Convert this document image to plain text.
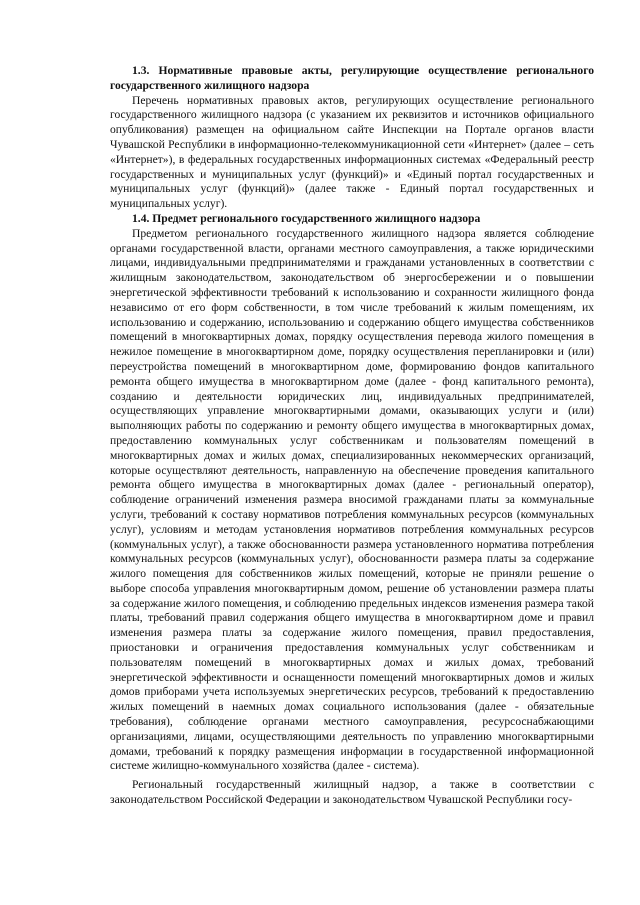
1.3. Нормативные правовые акты, регулирующие осуществление регионального государственного жилищного надзора

Перечень нормативных правовых актов, регулирующих осуществление регионального государственного жилищного надзора (с указанием их реквизитов и источников официального опубликования) размещен на официальном сайте Инспекции на Портале органов власти Чувашской Республики в информационно-телекоммуникационной сети «Интернет» (далее – сеть «Интернет»), в федеральных государственных информационных системах «Федеральный реестр государственных и муниципальных услуг (функций)» и «Единый портал государственных и муниципальных услуг (функций)» (далее также - Единый портал государственных и муниципальных услуг).

1.4. Предмет регионального государственного жилищного надзора

Предметом регионального государственного жилищного надзора является соблюдение органами государственной власти, органами местного самоуправления, а также юридическими лицами, индивидуальными предпринимателями и гражданами установленных в соответствии с жилищным законодательством, законодательством об энергосбережении и о повышении энергетической эффективности требований к использованию и сохранности жилищного фонда независимо от его форм собственности, в том числе требований к жилым помещениям, их использованию и содержанию, использованию и содержанию общего имущества собственников помещений в многоквартирных домах, порядку осуществления перевода жилого помещения в нежилое помещение в многоквартирном доме, порядку осуществления перепланировки и (или) переустройства помещений в многоквартирном доме, формированию фондов капитального ремонта общего имущества в многоквартирном доме (далее - фонд капитального ремонта), созданию и деятельности юридических лиц, индивидуальных предпринимателей, осуществляющих управление многоквартирными домами, оказывающих услуги и (или) выполняющих работы по содержанию и ремонту общего имущества в многоквартирных домах, предоставлению коммунальных услуг собственникам и пользователям помещений в многоквартирных домах и жилых домах, специализированных некоммерческих организаций, которые осуществляют деятельность, направленную на обеспечение проведения капитального ремонта общего имущества в многоквартирных домах (далее - региональный оператор), соблюдение ограничений изменения размера вносимой гражданами платы за коммунальные услуги, требований к составу нормативов потребления коммунальных ресурсов (коммунальных услуг), условиям и методам установления нормативов потребления коммунальных ресурсов (коммунальных услуг), а также обоснованности размера установленного норматива потребления коммунальных ресурсов (коммунальных услуг), обоснованности размера платы за содержание жилого помещения для собственников жилых помещений, которые не приняли решение о выборе способа управления многоквартирным домом, решение об установлении размера платы за содержание жилого помещения, и соблюдению предельных индексов изменения размера такой платы, требований правил содержания общего имущества в многоквартирном доме и правил изменения размера платы за содержание жилого помещения, правил предоставления, приостановки и ограничения предоставления коммунальных услуг собственникам и пользователям помещений в многоквартирных домах и жилых домах, требований энергетической эффективности и оснащенности помещений многоквартирных домов и жилых домов приборами учета используемых энергетических ресурсов, требований к предоставлению жилых помещений в наемных домах социального использования (далее - обязательные требования), соблюдение органами местного самоуправления, ресурсоснабжающими организациями, лицами, осуществляющими деятельность по управлению многоквартирными домами, требований к порядку размещения информации в государственной информационной системе жилищно-коммунального хозяйства (далее - система).

Региональный государственный жилищный надзор, а также в соответствии с законодательством Российской Федерации и законодательством Чувашской Республики госу-
